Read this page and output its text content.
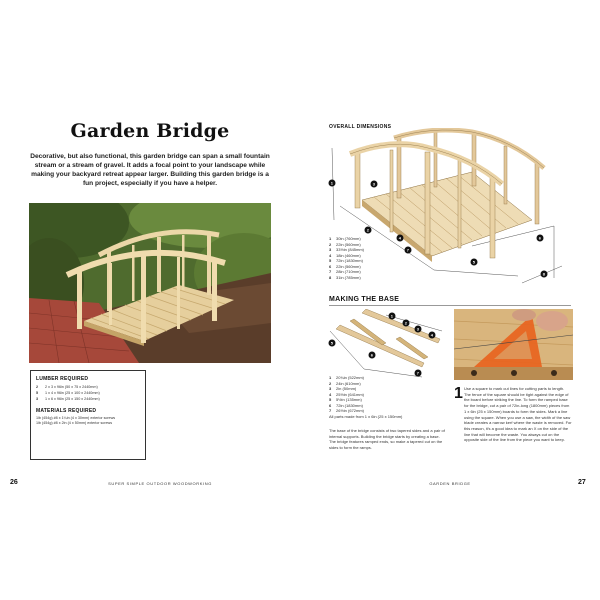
Garden Bridge
Decorative, but also functional, this garden bridge can span a small fountain stream or a stream of gravel. It adds a focal point to your landscape while making your backyard retreat appear larger. Building this garden bridge is a fun project, especially if you have a helper.
LUMBER REQUIRED
2 2 x 3 x 96in (50 x 75 x 2440mm)
5 1 x 4 x 96in (25 x 100 x 2440mm)
3 1 x 6 x 96in (25 x 150 x 2440mm)
MATERIALS REQUIRED
1lb (454g) #8 x 1¼in (4 x 30mm) exterior screws
1lb (454g) #8 x 2in (4 x 50mm) exterior screws
26	SUPER SIMPLE OUTDOOR WOODWORKING
OVERALL DIMENSIONS
1	3
2
4
7
5
6
8
1 30in (760mm)
2 22in (560mm)
3 33½in (845mm)
4 18in (460mm)
5 72in (1830mm)
6 22in (560mm)
7 28in (710mm)
8 31in (785mm)
MAKING THE BASE
1
2
3
4
5
6
7
1 20¾in (522mm)
2 24in (610mm)
3 2in (50mm)
4 25½in (641mm)
5 5½in (135mm)
6 72in (1830mm)
7 26½in (672mm)
All parts made from 1 x 6in (25 x 150mm)
The base of the bridge consists of two tapered sides and a pair of internal supports. Building the bridge starts by creating a base. The bridge features ramped ends, so make a tapered cut on the sides to form the ramps.
1 Use a square to mark cut lines for cutting parts to length. The fence of the square should be tight against the edge of the board before striking the line. To form the ramped base for the bridge, cut a pair of 72in-long (1800mm) pieces from 1 x 6in (25 x 150mm) boards to form the sides. Mark a line using the square. When you use a saw, the width of the saw blade creates a narrow kerf where the waste is removed. For this reason, it's a good idea to mark an X on the side of the line that will become the waste. You always cut on the opposite side of the line from the piece you want to keep.
GARDEN BRIDGE	27
